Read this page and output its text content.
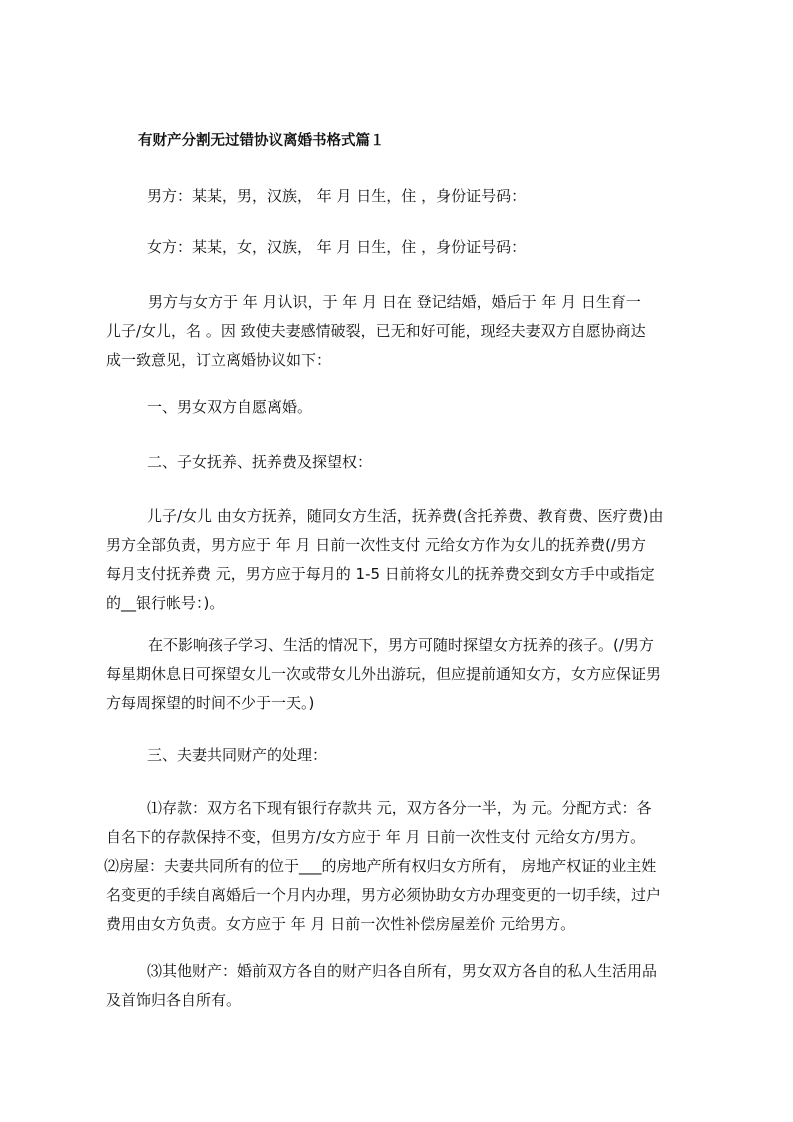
有财产分割无过错协议离婚书格式篇１

男方：某某，男，汉族， 年 月 日生，住 ，身份证号码：

女方：某某，女，汉族， 年 月 日生，住 ，身份证号码：

男方与女方于 年 月认识，于 年 月 日在 登记结婚，婚后于 年 月 日生育一
儿子/女儿，名 。因 致使夫妻感情破裂，已无和好可能，现经夫妻双方自愿协商达
成一致意见，订立离婚协议如下：

一、男女双方自愿离婚。

二、子女抚养、抚养费及探望权：

儿子/女儿 由女方抚养，随同女方生活，抚养费(含托养费、教育费、医疗费)由
男方全部负责，男方应于 年 月 日前一次性支付 元给女方作为女儿的抚养费(/男方
每月支付抚养费 元，男方应于每月的 1-5 日前将女儿的抚养费交到女方手中或指定
的__银行帐号：)。
在不影响孩子学习、生活的情况下，男方可随时探望女方抚养的孩子。(/男方
每星期休息日可探望女儿一次或带女儿外出游玩，但应提前通知女方，女方应保证男
方每周探望的时间不少于一天。)

三、夫妻共同财产的处理：

⑴存款：双方名下现有银行存款共 元，双方各分一半，为 元。分配方式：各
自名下的存款保持不变，但男方/女方应于 年 月 日前一次性支付 元给女方/男方。
⑵房屋：夫妻共同所有的位于___的房地产所有权归女方所有， 房地产权证的业主姓
名变更的手续自离婚后一个月内办理，男方必须协助女方办理变更的一切手续，过户
费用由女方负责。女方应于 年 月 日前一次性补偿房屋差价 元给男方。
⑶其他财产：婚前双方各自的财产归各自所有，男女双方各自的私人生活用品
及首饰归各自所有。
